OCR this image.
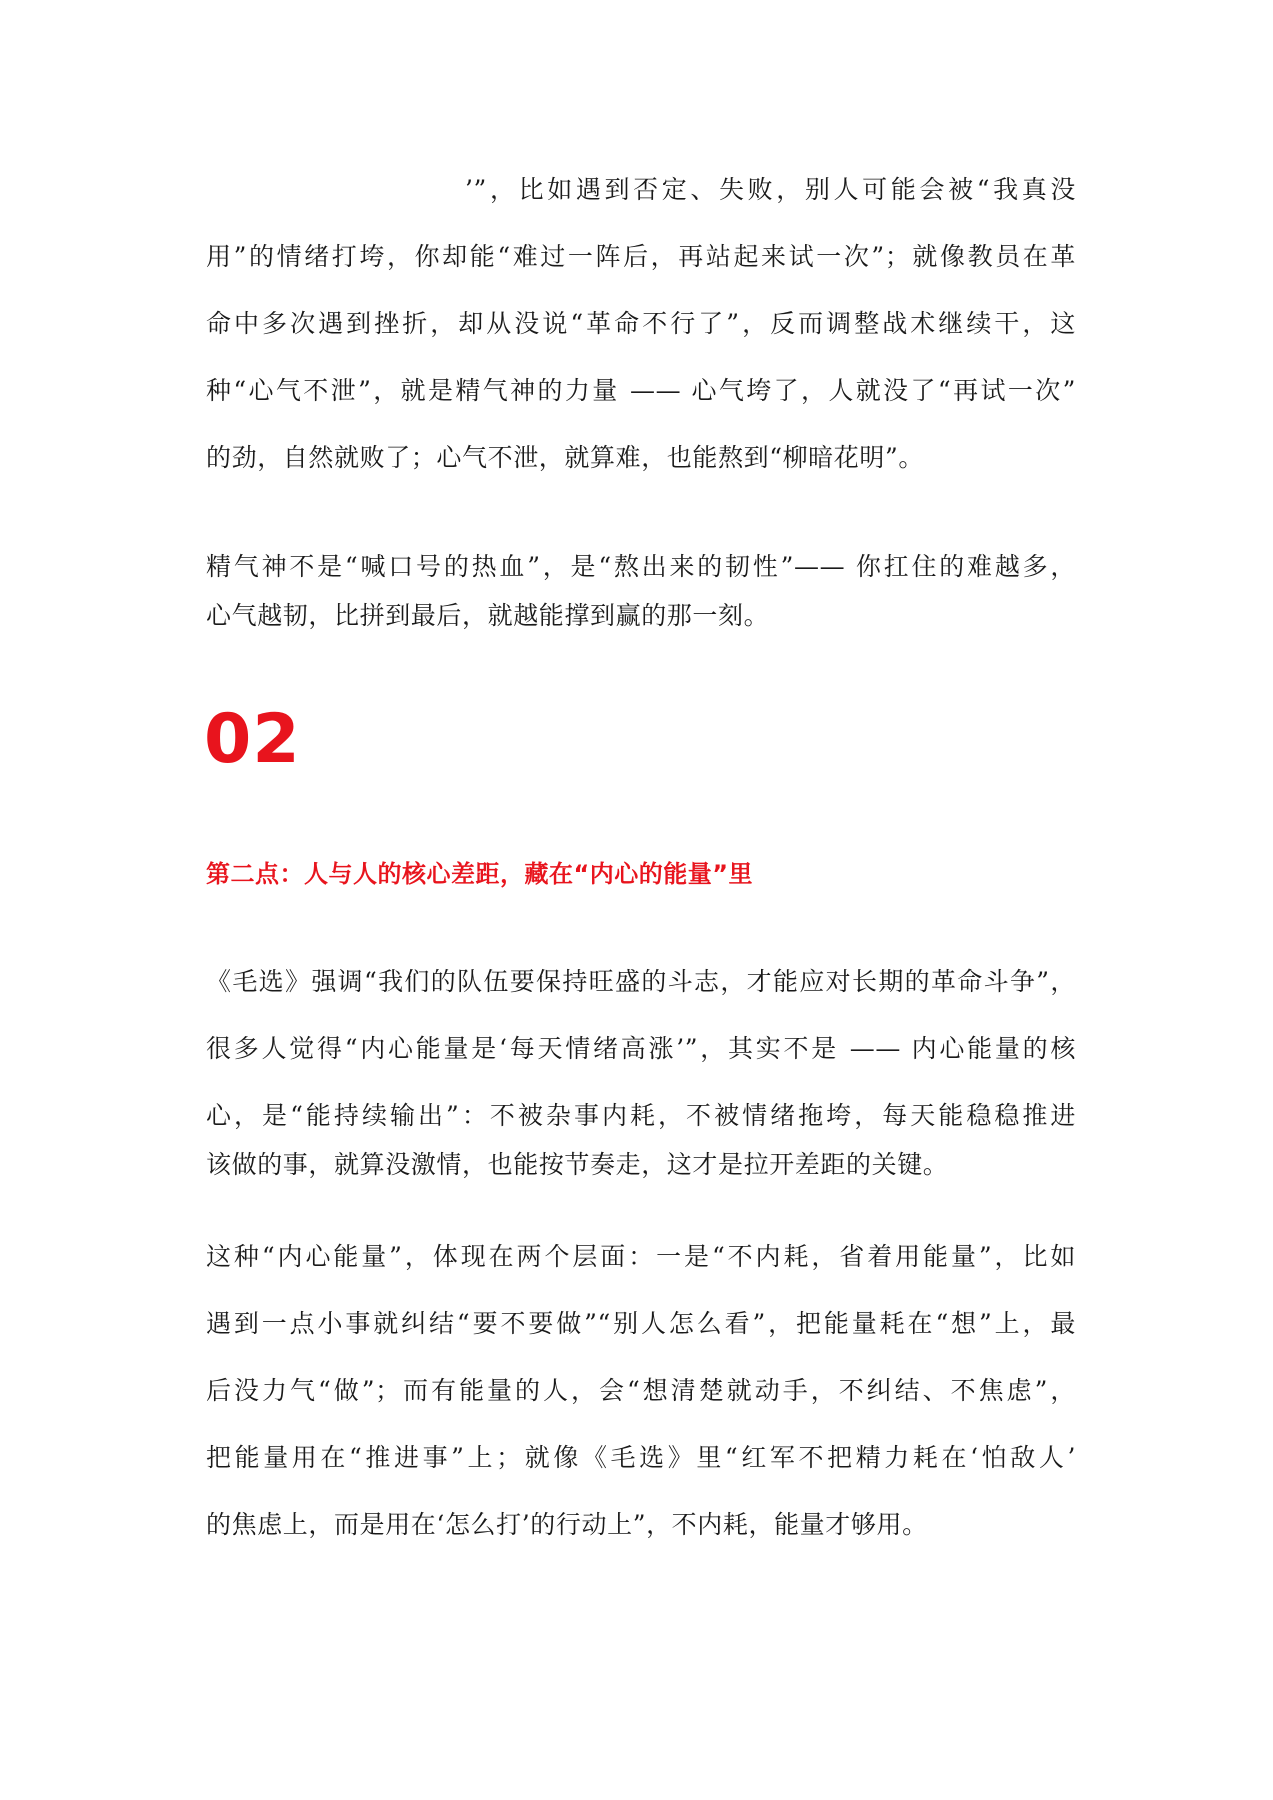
’”，比如遇到否定、失败，别人可能会被“我真没
用”的情绪打垮，你却能“难过一阵后，再站起来试一次”；就像教员在革
命中多次遇到挫折，却从没说“革命不行了”，反而调整战术继续干，这
种“心气不泄”，就是精气神的力量 —— 心气垮了，人就没了“再试一次”
的劲，自然就败了；心气不泄，就算难，也能熬到“柳暗花明”。
精气神不是“喊口号的热血”，是“熬出来的韧性”—— 你扛住的难越多，
心气越韧，比拼到最后，就越能撑到赢的那一刻。
02
第二点：人与人的核心差距，藏在“内心的能量”里
《毛选》强调“我们的队伍要保持旺盛的斗志，才能应对长期的革命斗争”，
很多人觉得“内心能量是‘每天情绪高涨’”，其实不是 —— 内心能量的核
心，是“能持续输出”：不被杂事内耗，不被情绪拖垮，每天能稳稳推进
该做的事，就算没激情，也能按节奏走，这才是拉开差距的关键。
这种“内心能量”，体现在两个层面：一是“不内耗，省着用能量”，比如
遇到一点小事就纠结“要不要做”“别人怎么看”，把能量耗在“想”上，最
后没力气“做”；而有能量的人，会“想清楚就动手，不纠结、不焦虑”，
把能量用在“推进事”上；就像《毛选》里“红军不把精力耗在‘怕敌人’
的焦虑上，而是用在‘怎么打’的行动上”，不内耗，能量才够用。
